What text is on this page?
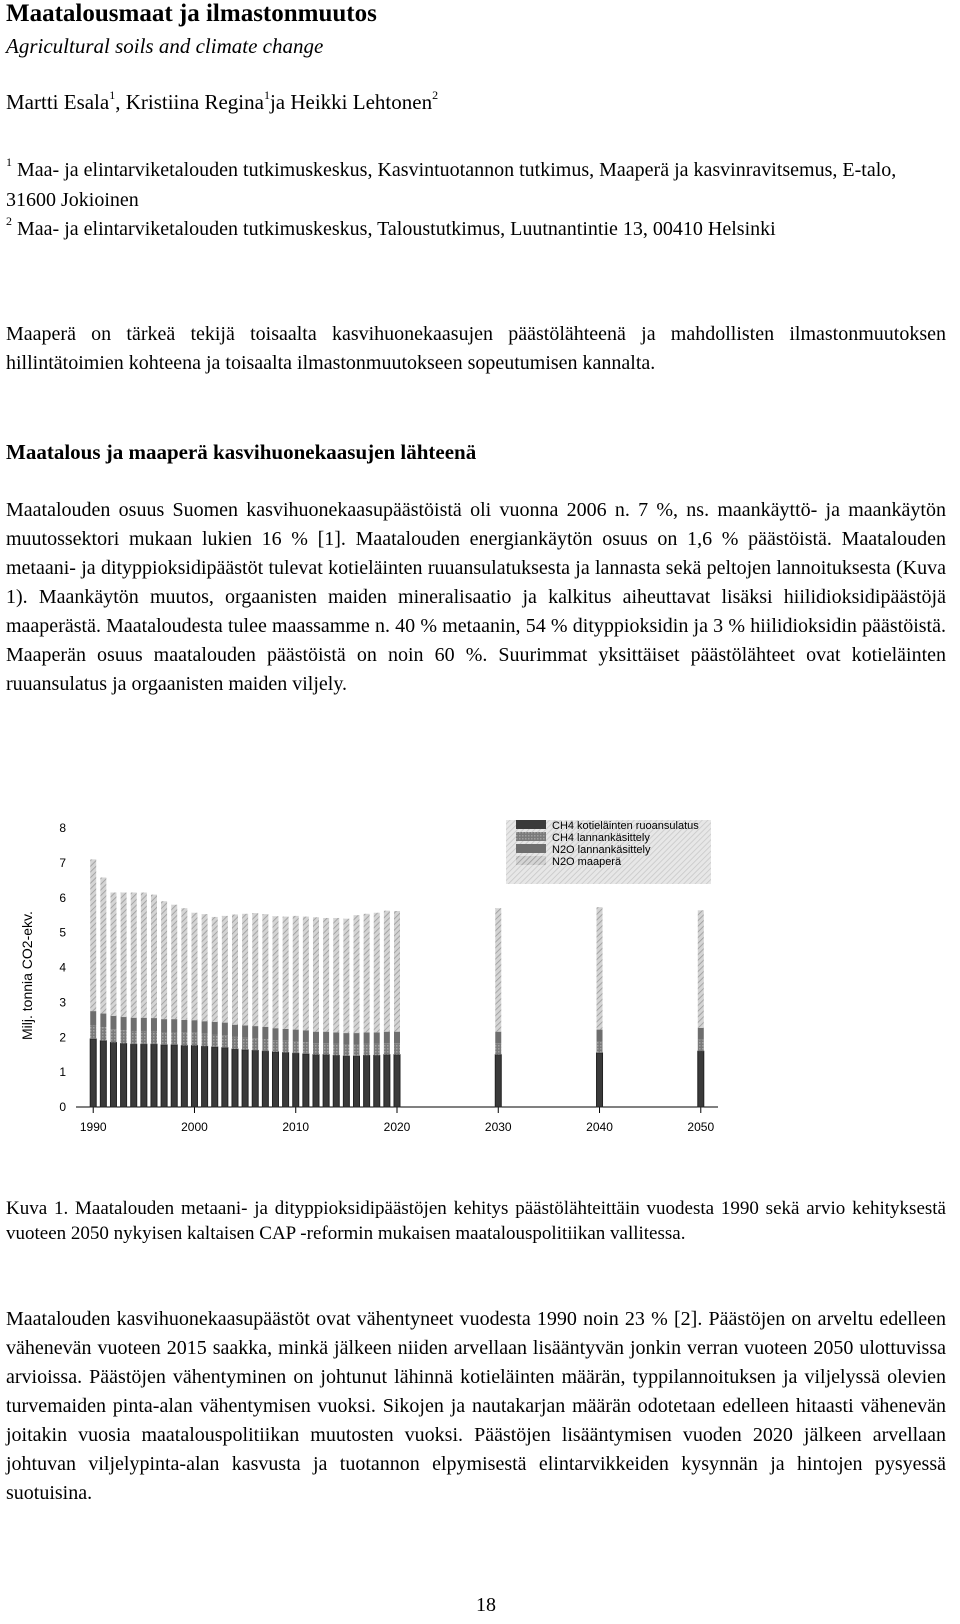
Maatalousmaat ja ilmastonmuutos
Agricultural soils and climate change
Martti Esala$^1$, Kristiina Regina$^1$ja Heikki Lehtonen$^2$
$^1$ Maa- ja elintarviketalouden tutkimuskeskus, Kasvintuotannon tutkimus, Maaperä ja kasvinravitsemus, E-talo, 31600 Jokioinen
$^2$ Maa- ja elintarviketalouden tutkimuskeskus, Taloustutkimus, Luutnantintie 13, 00410 Helsinki
Maaperä on tärkeä tekijä toisaalta kasvihuonekaasujen päästölähteenä ja mahdollisten ilmastonmuutoksen hillintätoimien kohteena ja toisaalta ilmastonmuutokseen sopeutumisen kannalta.
Maatalous ja maaperä kasvihuonekaasujen lähteenä
Maatalouden osuus Suomen kasvihuonekaasupäästöistä oli vuonna 2006 n. 7 %, ns. maankäyttö- ja maankäytön muutossektori mukaan lukien 16 % [1]. Maatalouden energiankäytön osuus on 1,6 % päästöistä. Maatalouden metaani- ja dityppioksidipäästöt tulevat kotieläinten ruuansulatuksesta ja lannasta sekä peltojen lannoituksesta (Kuva 1). Maankäytön muutos, orgaanisten maiden mineralisaatio ja kalkitus aiheuttavat lisäksi hiilidioksidipäästöjä maaperästä. Maataloudesta tulee maassamme n. 40 % metaanin, 54 % dityppioksidin ja 3 % hiilidioksidin päästöistä. Maaperän osuus maatalouden päästöistä on noin 60 %. Suurimmat yksittäiset päästölähteet ovat kotieläinten ruuansulatus ja orgaanisten maiden viljely.
0
1
2
3
4
5
6
7
8
1990	2000	2010	2020	2030	2040	2050
CH4 kotieläinten ruoansulatus
CH4 lannankäsittely
N2O lannankäsittely
N2O maaperä
Milj. tonnia CO2-ekv.
Kuva 1. Maatalouden metaani- ja dityppioksidipäästöjen kehitys päästölähteittäin vuodesta 1990 sekä arvio kehityksestä vuoteen 2050 nykyisen kaltaisen CAP -reformin mukaisen maatalouspolitiikan vallitessa.
Maatalouden kasvihuonekaasupäästöt ovat vähentyneet vuodesta 1990 noin 23 % [2]. Päästöjen on arveltu edelleen vähenevän vuoteen 2015 saakka, minkä jälkeen niiden arvellaan lisääntyvän jonkin verran vuoteen 2050 ulottuvissa arvioissa. Päästöjen vähentyminen on johtunut lähinnä kotieläinten määrän, typpilannoituksen ja viljelyssä olevien turvemaiden pinta-alan vähentymisen vuoksi. Sikojen ja nautakarjan määrän odotetaan edelleen hitaasti vähenevän joitakin vuosia maatalouspolitiikan muutosten vuoksi. Päästöjen lisääntymisen vuoden 2020 jälkeen arvellaan johtuvan viljelypinta-alan kasvusta ja tuotannon elpymisestä elintarvikkeiden kysynnän ja hintojen pysyessä suotuisina.
18
